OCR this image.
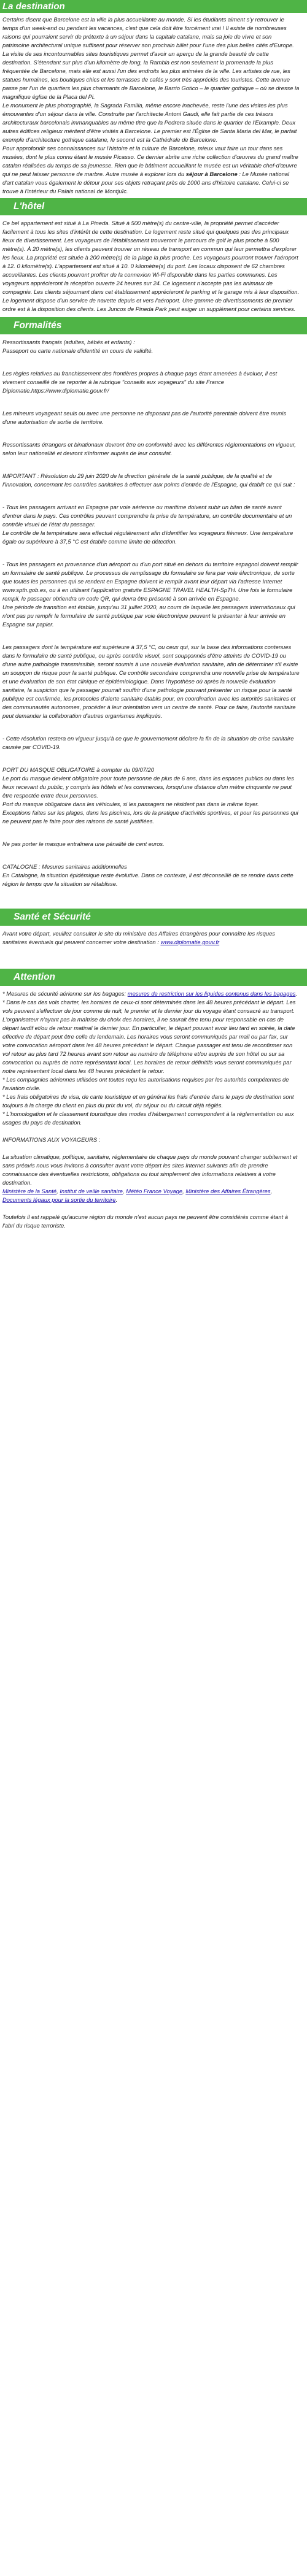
La destination

Certains disent que Barcelone est la ville la plus accueillante au monde. Si les étudiants aiment s'y retrouver le temps d'un week-end ou pendant les vacances, c'est que cela doit être forcément vrai ! Il existe de nombreuses raisons qui pourraient servir de prétexte à un séjour dans la capitale catalane, mais sa joie de vivre et son patrimoine architectural unique suffisent pour réserver son prochain billet pour l'une des plus belles cités d'Europe.

La visite de ses incontournables sites touristiques permet d'avoir un aperçu de la grande beauté de cette destination. S'étendant sur plus d'un kilomètre de long, la Rambla est non seulement la promenade la plus fréquentée de Barcelone, mais elle est aussi l'un des endroits les plus animées de la ville. Les artistes de rue, les statues humaines, les boutiques chics et les terrasses de cafés y sont très appréciés des touristes. Cette avenue passe par l'un de quartiers les plus charmants de Barcelone, le Barrio Gotico – le quartier gothique – où se dresse la magnifique église de la Placa del Pi.

Le monument le plus photographié, la Sagrada Familia, même encore inachevée, reste l'une des visites les plus émouvantes d'un séjour dans la ville. Construite par l'architecte Antoni Gaudi, elle fait partie de ces trésors architecturaux barcelonais immanquables au même titre que la Pedrera située dans le quartier de l'Eixample. Deux autres édifices religieux méritent d'être visités à Barcelone. Le premier est l'Église de Santa Maria del Mar, le parfait exemple d'architecture gothique catalane, le second est la Cathédrale de Barcelone.

Pour approfondir ses connaissances sur l'histoire et la culture de Barcelone, mieux vaut faire un tour dans ses musées, dont le plus connu étant le musée Picasso. Ce dernier abrite une riche collection d'œuvres du grand maître catalan réalisées du temps de sa jeunesse. Rien que le bâtiment accueillant le musée est un véritable chef-d'œuvre qui ne peut laisser personne de marbre. Autre musée à explorer lors du séjour à Barcelone : Le Musée national d'art catalan vous également le détour pour ses objets retraçant près de 1000 ans d'histoire catalane. Celui-ci se trouve à l'intérieur du Palais national de Montjuïc.

L'hôtel

Ce bel appartement est situé à La Pineda. Situé à 500 mètre(s) du centre-ville, la propriété permet d'accéder facilement à tous les sites d'intérêt de cette destination. Le logement reste situé qui quelques pas des principaux lieux de divertissement. Les voyageurs de l'établissement trouveront le parcours de golf le plus proche à 500 mètre(s). À 20 mètre(s), les clients peuvent trouver un réseau de transport en commun qui leur permettra d'explorer les lieux. La propriété est située à 200 mètre(s) de la plage la plus proche. Les voyageurs pourront trouver l'aéroport à 12. 0 kilomètre(s). L'appartement est situé à 10. 0 kilomètre(s) du port. Les locaux disposent de 62 chambres accueillantes. Les clients pourront profiter de la connexion Wi-Fi disponible dans les parties communes. Les voyageurs apprécieront la réception ouverte 24 heures sur 24. Ce logement n'accepte pas les animaux de compagnie. Les clients séjournant dans cet établissement apprécieront le parking et le garage mis à leur disposition. Le logement dispose d'un service de navette depuis et vers l'aéroport. Une gamme de divertissements de premier ordre est à la disposition des clients. Les Juncos de Pineda Park peut exiger un supplément pour certains services.

Formalités

Ressortissants français (adultes, bébés et enfants) :
Passeport ou carte nationale d'identité en cours de validité.

Les règles relatives au franchissement des frontières propres à chaque pays étant amenées à évoluer, il est vivement conseillé de se reporter à la rubrique "conseils aux voyageurs" du site France
Diplomatie.https://www.diplomatie.gouv.fr/

Les mineurs voyageant seuls ou avec une personne ne disposant pas de l'autorité parentale doivent être munis d'une autorisation de sortie de territoire.

Ressortissants étrangers et binationaux devront être en conformité avec les différentes réglementations en vigueur, selon leur nationalité et devront s'informer auprès de leur consulat.

IMPORTANT : Résolution du 29 juin 2020 de la direction générale de la santé publique, de la qualité et de l'innovation, concernant les contrôles sanitaires à effectuer aux points d'entrée de l'Espagne, qui établit ce qui suit :

- Tous les passagers arrivant en Espagne par voie aérienne ou maritime doivent subir un bilan de santé avant d'entrer dans le pays. Ces contrôles peuvent comprendre la prise de température, un contrôle documentaire et un contrôle visuel de l'état du passager.
Le contrôle de la température sera effectué régulièrement afin d'identifier les voyageurs fiévreux. Une température égale ou supérieure à 37,5 °C est établie comme limite de détection.

- Tous les passagers en provenance d'un aéroport ou d'un port situé en dehors du territoire espagnol doivent remplir un formulaire de santé publique. Le processus de remplissage du formulaire se fera par voie électronique, de sorte que toutes les personnes qui se rendent en Espagne doivent le remplir avant leur départ via l'adresse Internet www.spth.gob.es, ou à en utilisant l'application gratuite ESPAGNE TRAVEL HEALTH-SpTH. Une fois le formulaire rempli, le passager obtiendra un code QR, qui devra être présenté à son arrivée en Espagne.
Une période de transition est établie, jusqu'au 31 juillet 2020, au cours de laquelle les passagers internationaux qui n'ont pas pu remplir le formulaire de santé publique par voie électronique peuvent le présenter à leur arrivée en Espagne sur papier.

Les passagers dont la température est supérieure à 37,5 °C, ou ceux qui, sur la base des informations contenues dans le formulaire de santé publique, ou après contrôle visuel, sont soupçonnés d'être atteints de COVID-19 ou d'une autre pathologie transmissible, seront soumis à une nouvelle évaluation sanitaire, afin de déterminer s'il existe un soupçon de risque pour la santé publique. Ce contrôle secondaire comprendra une nouvelle prise de température et une évaluation de son état clinique et épidémiologique. Dans l'hypothèse où après la nouvelle évaluation sanitaire, la suspicion que le passager pourrait souffrir d'une pathologie pouvant présenter un risque pour la santé publique est confirmée, les protocoles d'alerte sanitaire établis pour, en coordination avec les autorités sanitaires et des communautés autonomes, procéder à leur orientation vers un centre de santé. Pour ce faire, l'autorité sanitaire peut demander la collaboration d'autres organismes impliqués.

- Cette résolution restera en vigueur jusqu'à ce que le gouvernement déclare la fin de la situation de crise sanitaire causée par COVID-19.

PORT DU MASQUE OBLIGATOIRE à compter du 09/07/20
Le port du masque devient obligatoire pour toute personne de plus de 6 ans, dans les espaces publics ou dans les lieux recevant du public, y compris les hôtels et les commerces, lorsqu'une distance d'un mètre cinquante ne peut être respectée entre deux personnes.
Port du masque obligatoire dans les véhicules, si les passagers ne résident pas dans le même foyer.
Exceptions faites sur les plages, dans les piscines, lors de la pratique d'activités sportives, et pour les personnes qui ne peuvent pas le faire pour des raisons de santé justifiées.

Ne pas porter le masque entraînera une pénalité de cent euros.

CATALOGNE : Mesures sanitaires additionnelles
En Catalogne, la situation épidémique reste évolutive. Dans ce contexte, il est déconseillé de se rendre dans cette région le temps que la situation se rétablisse.

Santé et Sécurité

Avant votre départ, veuillez consulter le site du ministère des Affaires étrangères pour connaître les risques sanitaires éventuels qui peuvent concerner votre destination : www.diplomatie.gouv.fr

Attention

* Mesures de sécurité aérienne sur les bagages: mesures de restriction sur les liquides contenus dans les bagages.

* Dans le cas des vols charter, les horaires de ceux-ci sont déterminés dans les 48 heures précédant le départ. Les vols peuvent s'effectuer de jour comme de nuit, le premier et le dernier jour du voyage étant consacré au transport. L'organisateur n'ayant pas la maîtrise du choix des horaires, il ne saurait être tenu pour responsable en cas de départ tardif et/ou de retour matinal le dernier jour. En particulier, le départ pouvant avoir lieu tard en soirée, la date effective de départ peut être celle du lendemain. Les horaires vous seront communiqués par mail ou par fax, sur votre convocation aéroport dans les 48 heures précédant le départ. Chaque passager est tenu de reconfirmer son vol retour au plus tard 72 heures avant son retour au numéro de téléphone et/ou auprès de son hôtel ou sur sa convocation ou auprès de notre représentant local. Les horaires de retour définitifs vous seront communiqués par notre représentant local dans les 48 heures précédant le retour.

* Les compagnies aériennes utilisées ont toutes reçu les autorisations requises par les autorités compétentes de l'aviation civile.

* Les frais obligatoires de visa, de carte touristique et en général les frais d'entrée dans le pays de destination sont toujours à la charge du client en plus du prix du vol, du séjour ou du circuit déjà réglés.

* L'homologation et le classement touristique des modes d'hébergement correspondent à la réglementation ou aux usages du pays de destination.

INFORMATIONS AUX VOYAGEURS :

La situation climatique, politique, sanitaire, réglementaire de chaque pays du monde pouvant changer subitement et sans préavis nous vous invitons à consulter avant votre départ les sites Internet suivants afin de prendre connaissance des éventuelles restrictions, obligations ou tout simplement des informations relatives à votre destination.

Ministère de la Santé, Institut de veille sanitaire, Météo France Voyage, Ministère des Affaires Étrangères, Documents légaux pour la sortie du territoire.

Toutefois il est rappelé qu'aucune région du monde n'est aucun pays ne peuvent être considérés comme étant à l'abri du risque terroriste.
